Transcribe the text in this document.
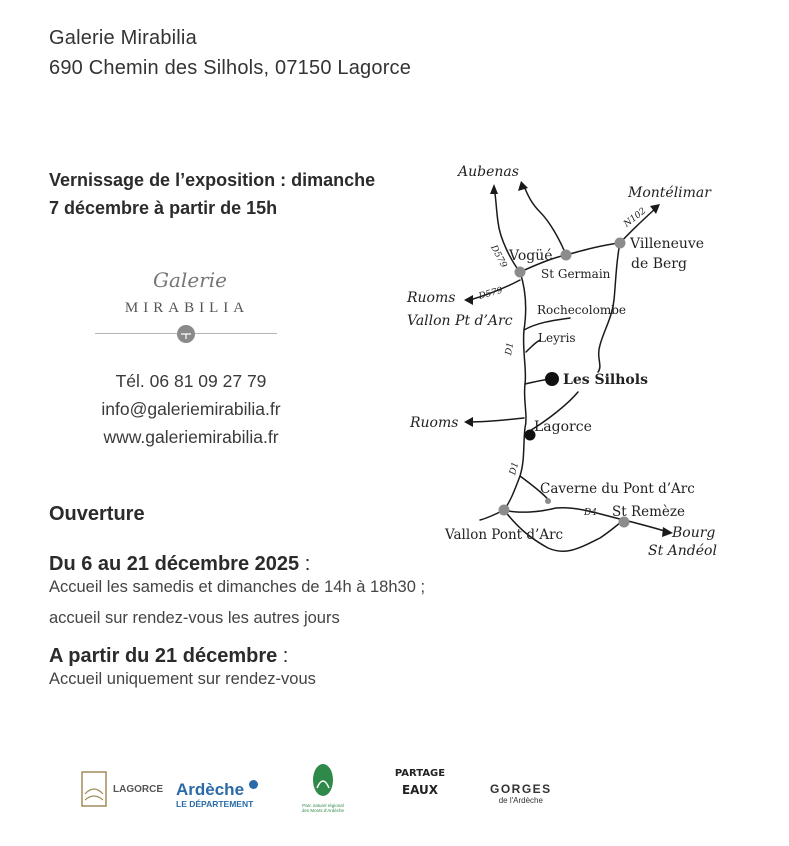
Galerie Mirabilia
690 Chemin des Silhols, 07150 Lagorce
Vernissage de l’exposition : dimanche
7 décembre à partir de 15h
Galerie
MIRABILIA
Tél. 06 81 09 27 79
info@galeriemirabilia.fr
www.galeriemirabilia.fr
Ouverture
Du 6 au 21 décembre 2025 :
Accueil les samedis et dimanches de 14h à 18h30 ;
accueil sur rendez-vous les autres jours
A partir du 21 décembre :
Accueil uniquement sur rendez-vous
Aubenas
Montélimar
N102
Villeneuve
de Berg
D579 Vogüé
St Germain
Ruoms D579
Vallon Pt d’Arc
Rochecolombe
D1
Leyris
Les Silhols
Ruoms	Lagorce
D1
Caverne du Pont d’Arc
D4 St Remèze
Vallon Pont d’Arc	Bourg
St Andéol
LAGORCE Ardèche
LE DÉPARTEMENT	Parc naturel régional des Monts d'Ardèche
PARTAGE
EAUX	GORGES
de l'Ardèche
